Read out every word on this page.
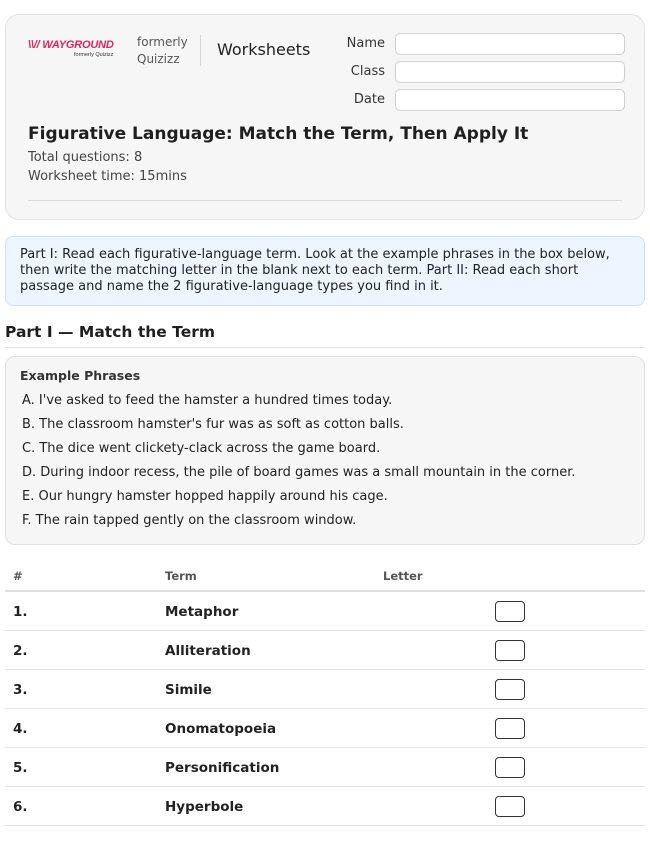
\\// WAYGROUND
formerly Quizizz
formerly
Quizizz	Worksheets	Name
Class
Date
Figurative Language: Match the Term, Then Apply It
Total questions: 8
Worksheet time: 15mins
Part I: Read each figurative-language term. Look at the example phrases in the box below, then write the matching letter in the blank next to each term. Part II: Read each short passage and name the 2 figurative-language types you find in it.
Part I — Match the Term
Example Phrases
A. I've asked to feed the hamster a hundred times today.
B. The classroom hamster's fur was as soft as cotton balls.
C. The dice went clickety-clack across the game board.
D. During indoor recess, the pile of board games was a small mountain in the corner.
E. Our hungry hamster hopped happily around his cage.
F. The rain tapped gently on the classroom window.
#	Term	Letter
1.	Metaphor
2.	Alliteration
3.	Simile
4.	Onomatopoeia
5.	Personification
6.	Hyperbole
